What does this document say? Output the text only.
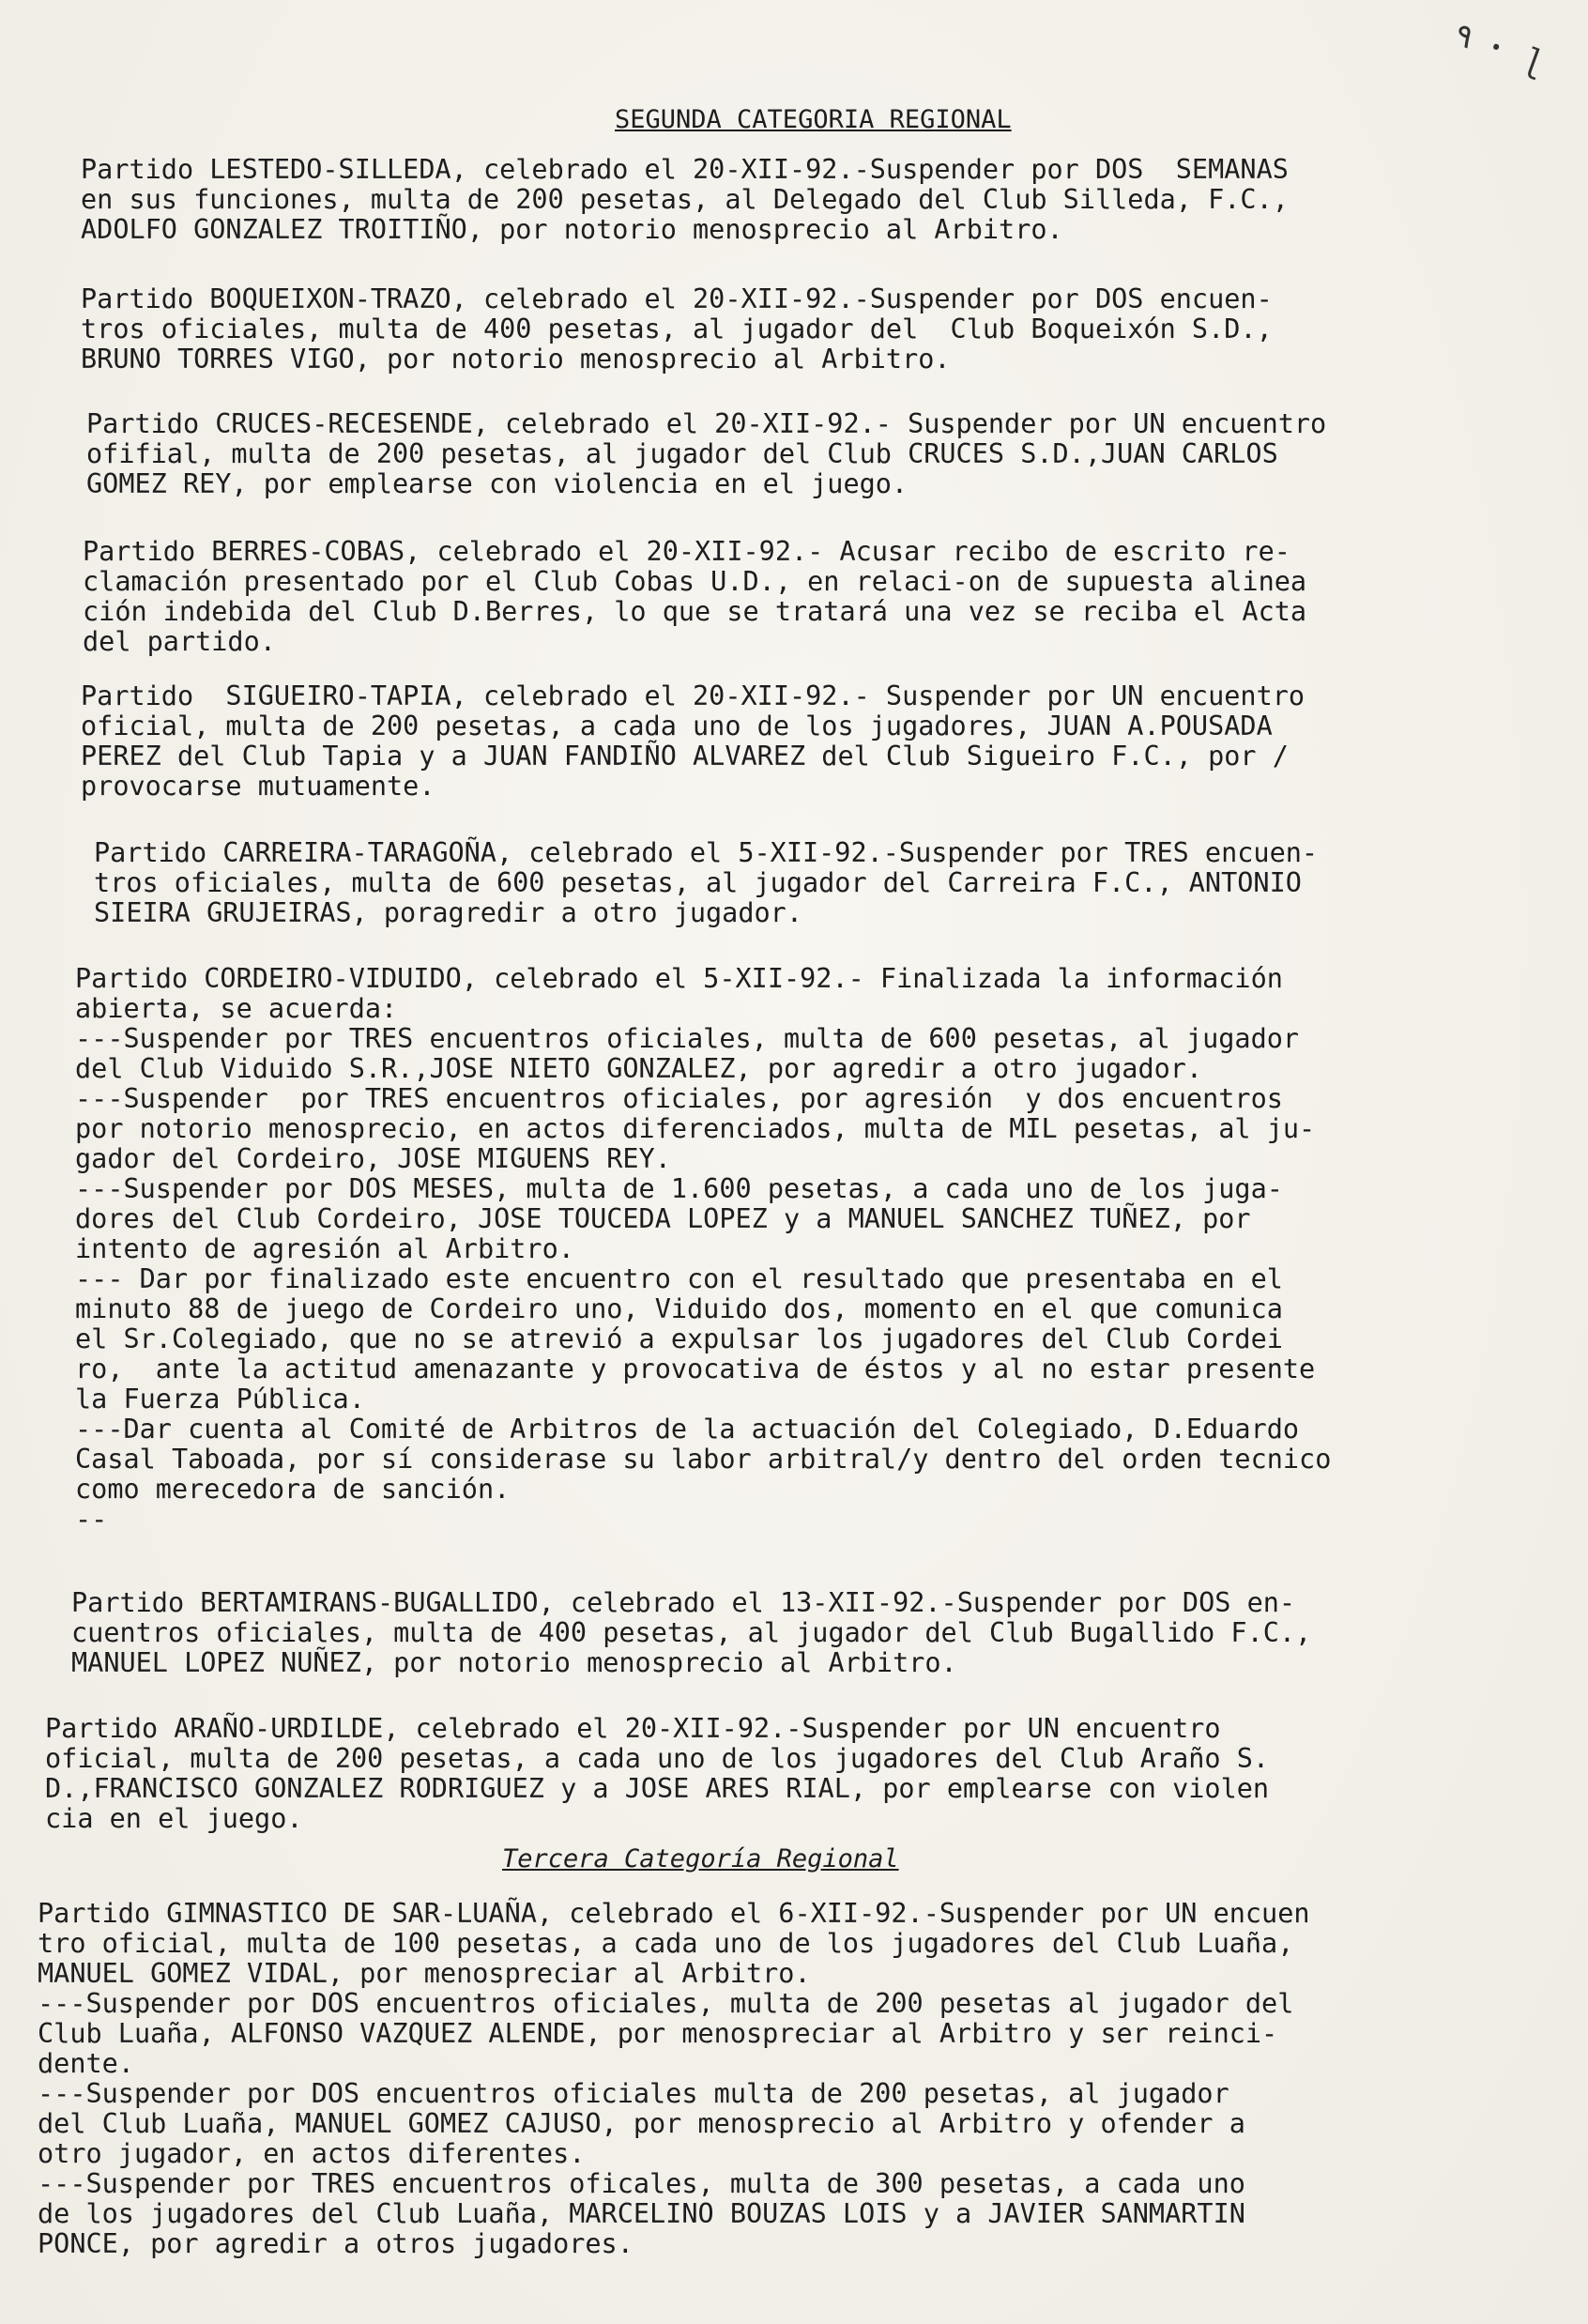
٩ ꞏ ɭ
SEGUNDA CATEGORIA REGIONAL
Partido LESTEDO-SILLEDA, celebrado el 20-XII-92.-Suspender por DOS  SEMANAS
en sus funciones, multa de 200 pesetas, al Delegado del Club Silleda, F.C.,
ADOLFO GONZALEZ TROITIÑO, por notorio menosprecio al Arbitro.
Partido BOQUEIXON-TRAZO, celebrado el 20-XII-92.-Suspender por DOS encuen-
tros oficiales, multa de 400 pesetas, al jugador del  Club Boqueixón S.D.,
BRUNO TORRES VIGO, por notorio menosprecio al Arbitro.
Partido CRUCES-RECESENDE, celebrado el 20-XII-92.- Suspender por UN encuentro
ofifial, multa de 200 pesetas, al jugador del Club CRUCES S.D.,JUAN CARLOS
GOMEZ REY, por emplearse con violencia en el juego.
Partido BERRES-COBAS, celebrado el 20-XII-92.- Acusar recibo de escrito re-
clamación presentado por el Club Cobas U.D., en relaci-on de supuesta alinea
ción indebida del Club D.Berres, lo que se tratará una vez se reciba el Acta
del partido.
Partido  SIGUEIRO-TAPIA, celebrado el 20-XII-92.- Suspender por UN encuentro
oficial, multa de 200 pesetas, a cada uno de los jugadores, JUAN A.POUSADA
PEREZ del Club Tapia y a JUAN FANDIÑO ALVAREZ del Club Sigueiro F.C., por /
provocarse mutuamente.
Partido CARREIRA-TARAGOÑA, celebrado el 5-XII-92.-Suspender por TRES encuen-
tros oficiales, multa de 600 pesetas, al jugador del Carreira F.C., ANTONIO
SIEIRA GRUJEIRAS, poragredir a otro jugador.
Partido CORDEIRO-VIDUIDO, celebrado el 5-XII-92.- Finalizada la información
abierta, se acuerda:
---Suspender por TRES encuentros oficiales, multa de 600 pesetas, al jugador
del Club Viduido S.R.,JOSE NIETO GONZALEZ, por agredir a otro jugador.
---Suspender  por TRES encuentros oficiales, por agresión  y dos encuentros
por notorio menosprecio, en actos diferenciados, multa de MIL pesetas, al ju-
gador del Cordeiro, JOSE MIGUENS REY.
---Suspender por DOS MESES, multa de 1.600 pesetas, a cada uno de los juga-
dores del Club Cordeiro, JOSE TOUCEDA LOPEZ y a MANUEL SANCHEZ TUÑEZ, por
intento de agresión al Arbitro.
--- Dar por finalizado este encuentro con el resultado que presentaba en el
minuto 88 de juego de Cordeiro uno, Viduido dos, momento en el que comunica
el Sr.Colegiado, que no se atrevió a expulsar los jugadores del Club Cordei
ro,  ante la actitud amenazante y provocativa de éstos y al no estar presente
la Fuerza Pública.
---Dar cuenta al Comité de Arbitros de la actuación del Colegiado, D.Eduardo
Casal Taboada, por sí considerase su labor arbitral/y dentro del orden tecnico
como merecedora de sanción.
--
Partido BERTAMIRANS-BUGALLIDO, celebrado el 13-XII-92.-Suspender por DOS en-
cuentros oficiales, multa de 400 pesetas, al jugador del Club Bugallido F.C.,
MANUEL LOPEZ NUÑEZ, por notorio menosprecio al Arbitro.
Partido ARAÑO-URDILDE, celebrado el 20-XII-92.-Suspender por UN encuentro
oficial, multa de 200 pesetas, a cada uno de los jugadores del Club Araño S.
D.,FRANCISCO GONZALEZ RODRIGUEZ y a JOSE ARES RIAL, por emplearse con violen
cia en el juego.
Tercera Categoría Regional
Partido GIMNASTICO DE SAR-LUAÑA, celebrado el 6-XII-92.-Suspender por UN encuen
tro oficial, multa de 100 pesetas, a cada uno de los jugadores del Club Luaña,
MANUEL GOMEZ VIDAL, por menospreciar al Arbitro.
---Suspender por DOS encuentros oficiales, multa de 200 pesetas al jugador del
Club Luaña, ALFONSO VAZQUEZ ALENDE, por menospreciar al Arbitro y ser reinci-
dente.
---Suspender por DOS encuentros oficiales multa de 200 pesetas, al jugador
del Club Luaña, MANUEL GOMEZ CAJUSO, por menosprecio al Arbitro y ofender a
otro jugador, en actos diferentes.
---Suspender por TRES encuentros oficales, multa de 300 pesetas, a cada uno
de los jugadores del Club Luaña, MARCELINO BOUZAS LOIS y a JAVIER SANMARTIN
PONCE, por agredir a otros jugadores.
